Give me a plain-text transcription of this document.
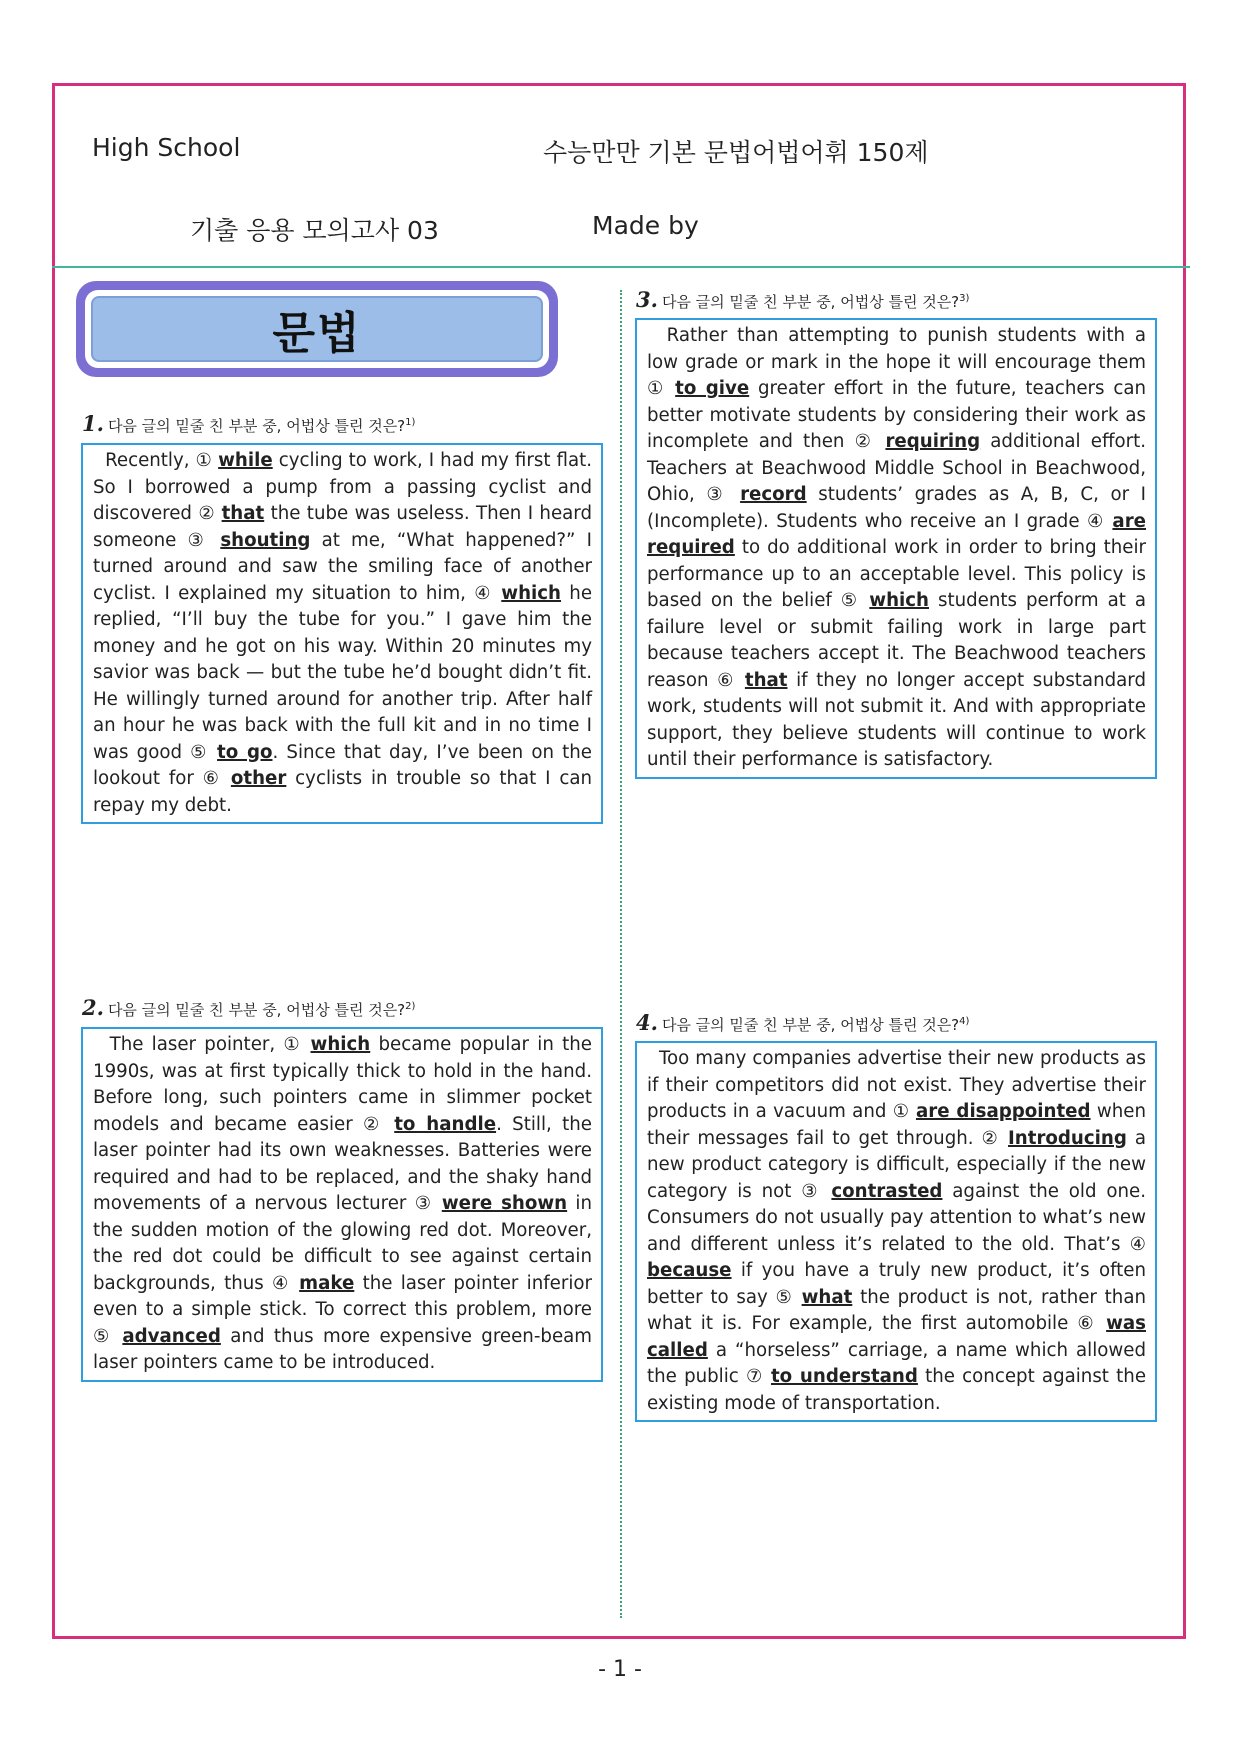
High School	수능만만 기본 문법어법어휘 150제
기출 응용 모의고사 03	Made by
문법
1. 다음 글의 밑줄 친 부분 중, 어법상 틀린 것은?$^{1)}$
Recently, ① while cycling to work, I had my first flat. So I borrowed a pump from a passing cyclist and discovered ② that the tube was useless. Then I heard someone ③ shouting at me, “What happened?” I turned around and saw the smiling face of another cyclist. I explained my situation to him, ④ which he replied, “I’ll buy the tube for you.” I gave him the money and he got on his way. Within 20 minutes my savior was back — but the tube he’d bought didn’t fit. He willingly turned around for another trip. After half an hour he was back with the full kit and in no time I was good ⑤ to go. Since that day, I’ve been on the lookout for ⑥ other cyclists in trouble so that I can repay my debt.
2. 다음 글의 밑줄 친 부분 중, 어법상 틀린 것은?$^{2)}$
The laser pointer, ① which became popular in the 1990s, was at first typically thick to hold in the hand. Before long, such pointers came in slimmer pocket models and became easier ② to handle. Still, the laser pointer had its own weaknesses. Batteries were required and had to be replaced, and the shaky hand movements of a nervous lecturer ③ were shown in the sudden motion of the glowing red dot. Moreover, the red dot could be difficult to see against certain backgrounds, thus ④ make the laser pointer inferior even to a simple stick. To correct this problem, more ⑤ advanced and thus more expensive green-beam laser pointers came to be introduced.
3. 다음 글의 밑줄 친 부분 중, 어법상 틀린 것은?$^{3)}$
Rather than attempting to punish students with a low grade or mark in the hope it will encourage them ① to give greater effort in the future, teachers can better motivate students by considering their work as incomplete and then ② requiring additional effort. Teachers at Beachwood Middle School in Beachwood, Ohio, ③ record students’ grades as A, B, C, or I (Incomplete). Students who receive an I grade ④ are required to do additional work in order to bring their performance up to an acceptable level. This policy is based on the belief ⑤ which students perform at a failure level or submit failing work in large part because teachers accept it. The Beachwood teachers reason ⑥ that if they no longer accept substandard work, students will not submit it. And with appropriate support, they believe students will continue to work until their performance is satisfactory.
4. 다음 글의 밑줄 친 부분 중, 어법상 틀린 것은?$^{4)}$
Too many companies advertise their new products as if their competitors did not exist. They advertise their products in a vacuum and ① are disappointed when their messages fail to get through. ② Introducing a new product category is difficult, especially if the new category is not ③ contrasted against the old one. Consumers do not usually pay attention to what’s new and different unless it’s related to the old. That’s ④ because if you have a truly new product, it’s often better to say ⑤ what the product is not, rather than what it is. For example, the first automobile ⑥ was called a “horseless” carriage, a name which allowed the public ⑦ to understand the concept against the existing mode of transportation.
- 1 -
